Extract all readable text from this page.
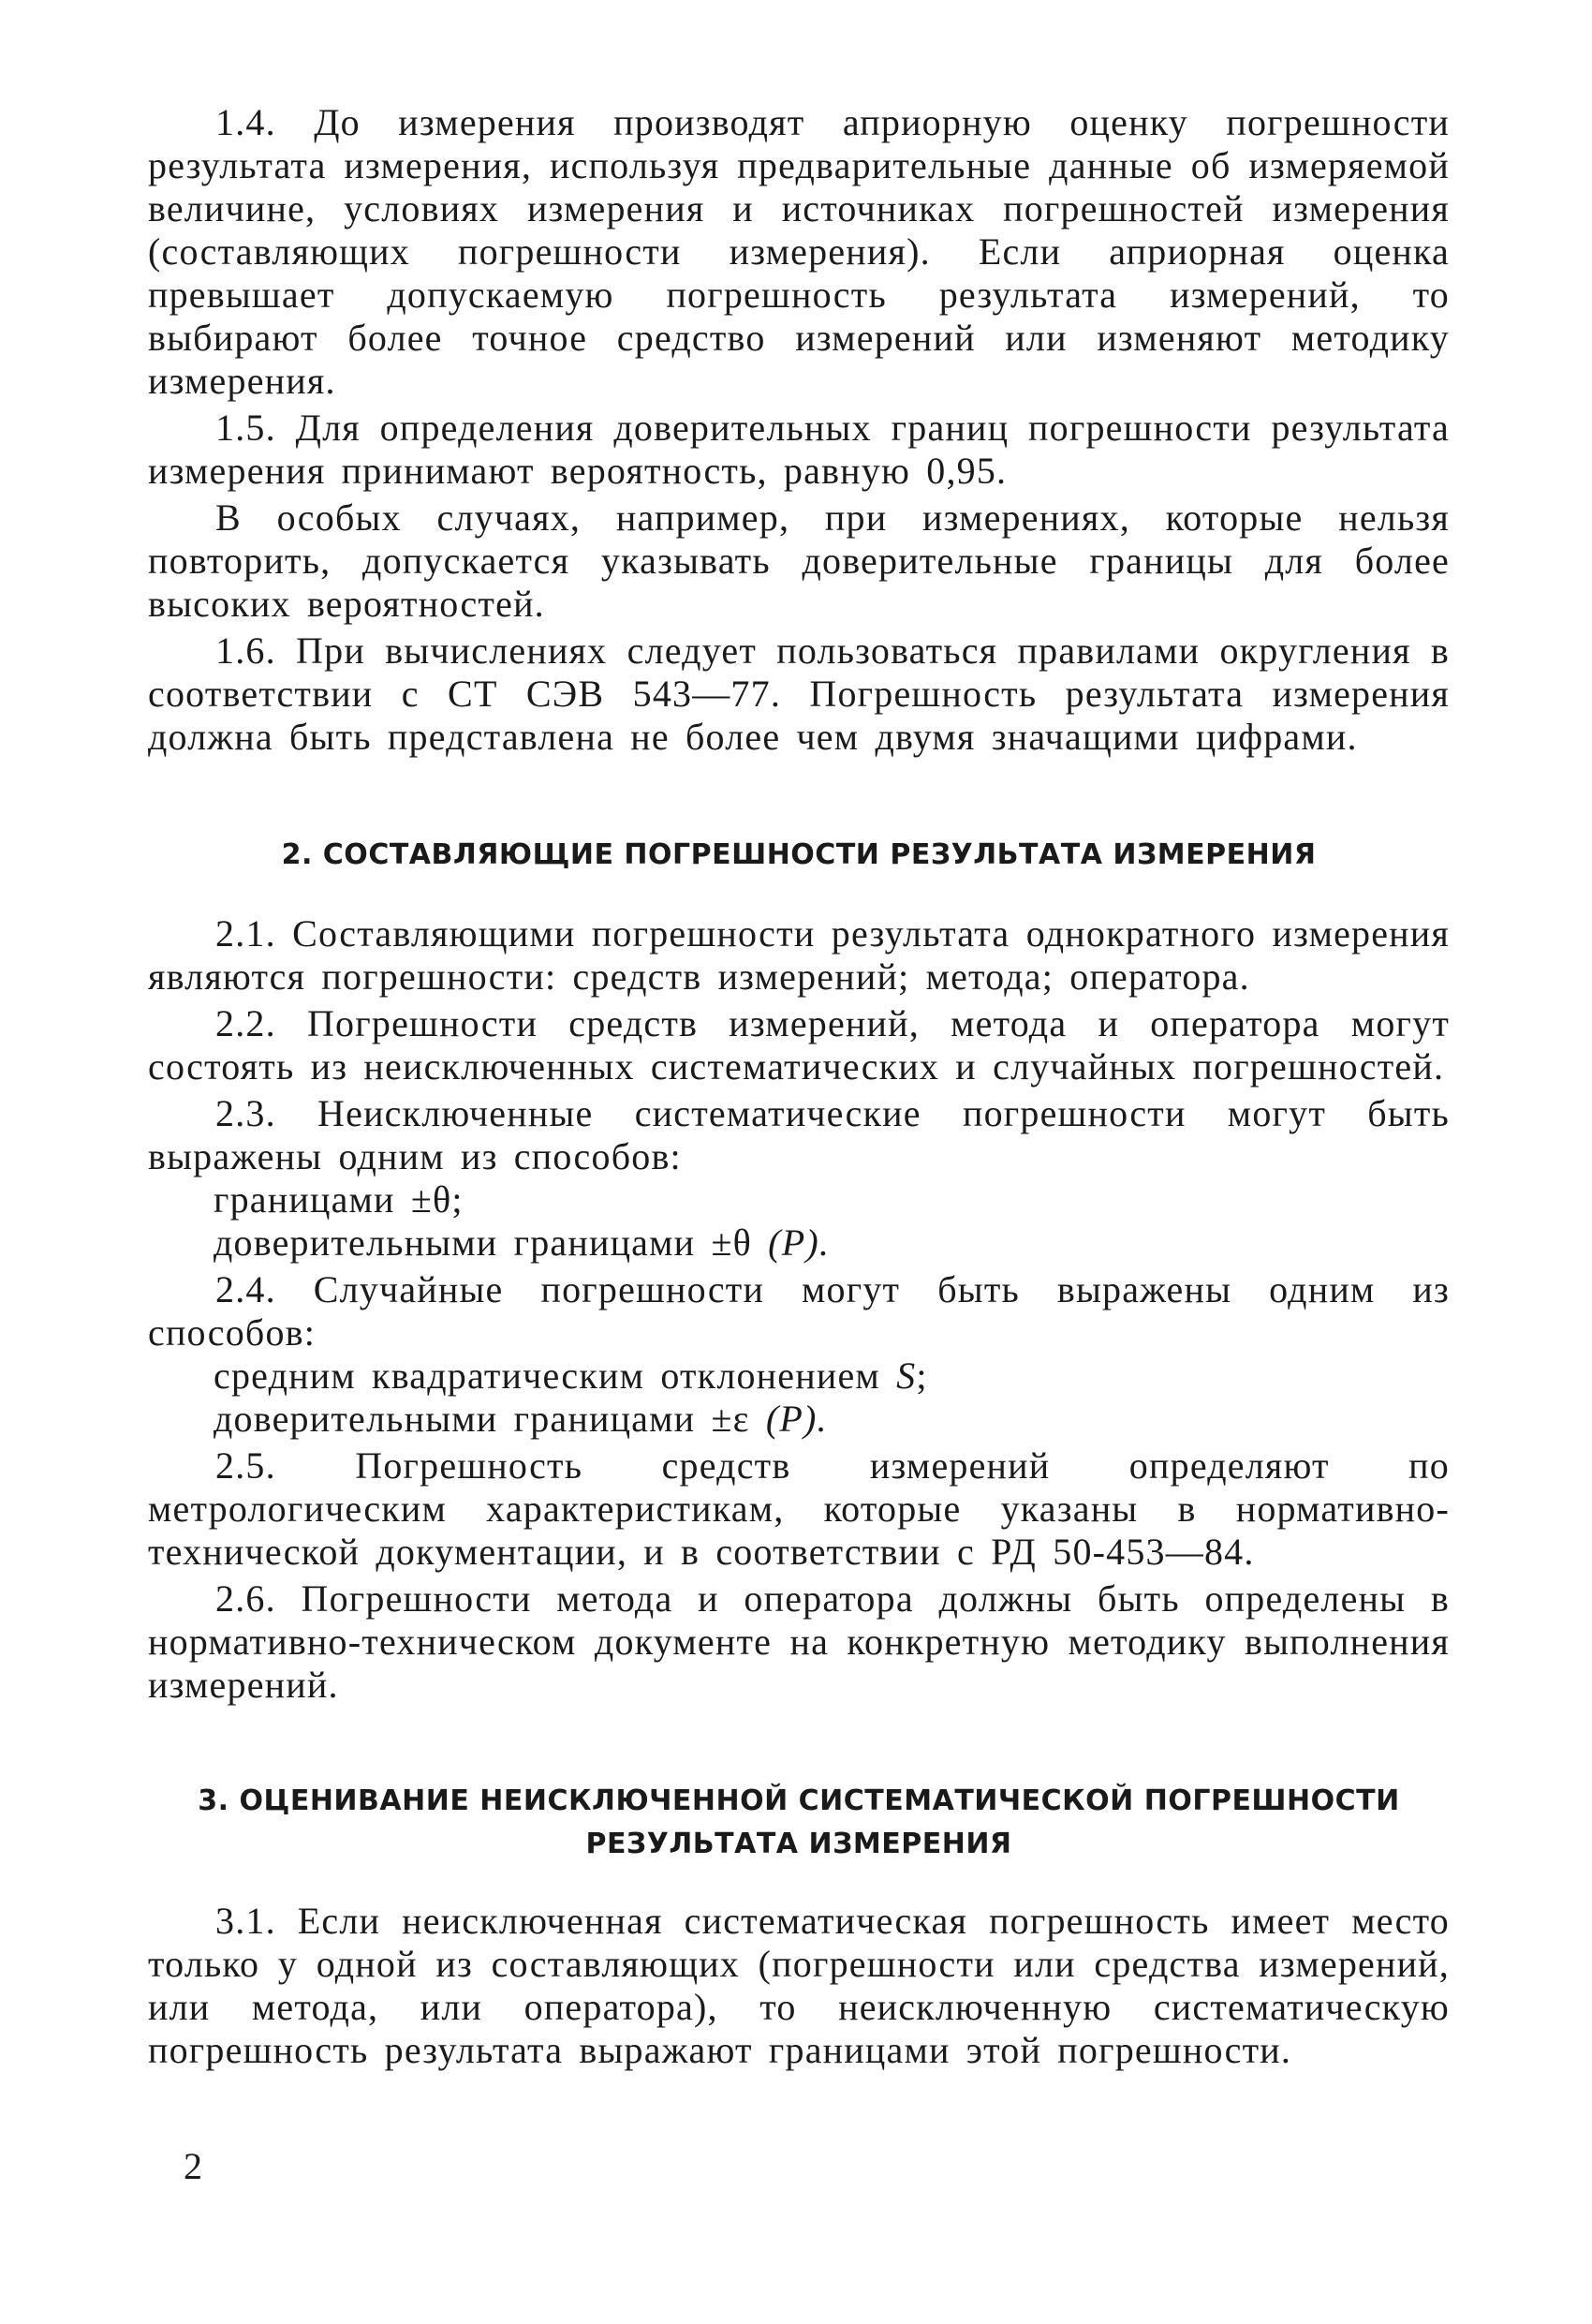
1.4. До измерения производят априорную оценку погрешности результата измерения, используя предварительные данные об измеряемой величине, условиях измерения и источниках погрешностей измерения (составляющих погрешности измерения). Если априорная оценка превышает допускаемую погрешность результата измерений, то выбирают более точное средство измерений или изменяют методику измерения.

1.5. Для определения доверительных границ погрешности результата измерения принимают вероятность, равную 0,95.

В особых случаях, например, при измерениях, которые нельзя повторить, допускается указывать доверительные границы для более высоких вероятностей.

1.6. При вычислениях следует пользоваться правилами округления в соответствии с СТ СЭВ 543—77. Погрешность результата измерения должна быть представлена не более чем двумя значащими цифрами.

2. СОСТАВЛЯЮЩИЕ ПОГРЕШНОСТИ РЕЗУЛЬТАТА ИЗМЕРЕНИЯ

2.1. Составляющими погрешности результата однократного измерения являются погрешности: средств измерений; метода; оператора.

2.2. Погрешности средств измерений, метода и оператора могут состоять из неисключенных систематических и случайных погрешностей.

2.3. Неисключенные систематические погрешности могут быть выражены одним из способов:

границами ±θ;

доверительными границами ±θ (P).

2.4. Случайные погрешности могут быть выражены одним из способов:

средним квадратическим отклонением S;

доверительными границами ±ε (P).

2.5. Погрешность средств измерений определяют по метрологическим характеристикам, которые указаны в нормативно-технической документации, и в соответствии с РД 50-453—84.

2.6. Погрешности метода и оператора должны быть определены в нормативно-техническом документе на конкретную методику выполнения измерений.

3. ОЦЕНИВАНИЕ НЕИСКЛЮЧЕННОЙ СИСТЕМАТИЧЕСКОЙ ПОГРЕШНОСТИ
РЕЗУЛЬТАТА ИЗМЕРЕНИЯ

3.1. Если неисключенная систематическая погрешность имеет место только у одной из составляющих (погрешности или средства измерений, или метода, или оператора), то неисключенную систематическую погрешность результата выражают границами этой погрешности.

2
